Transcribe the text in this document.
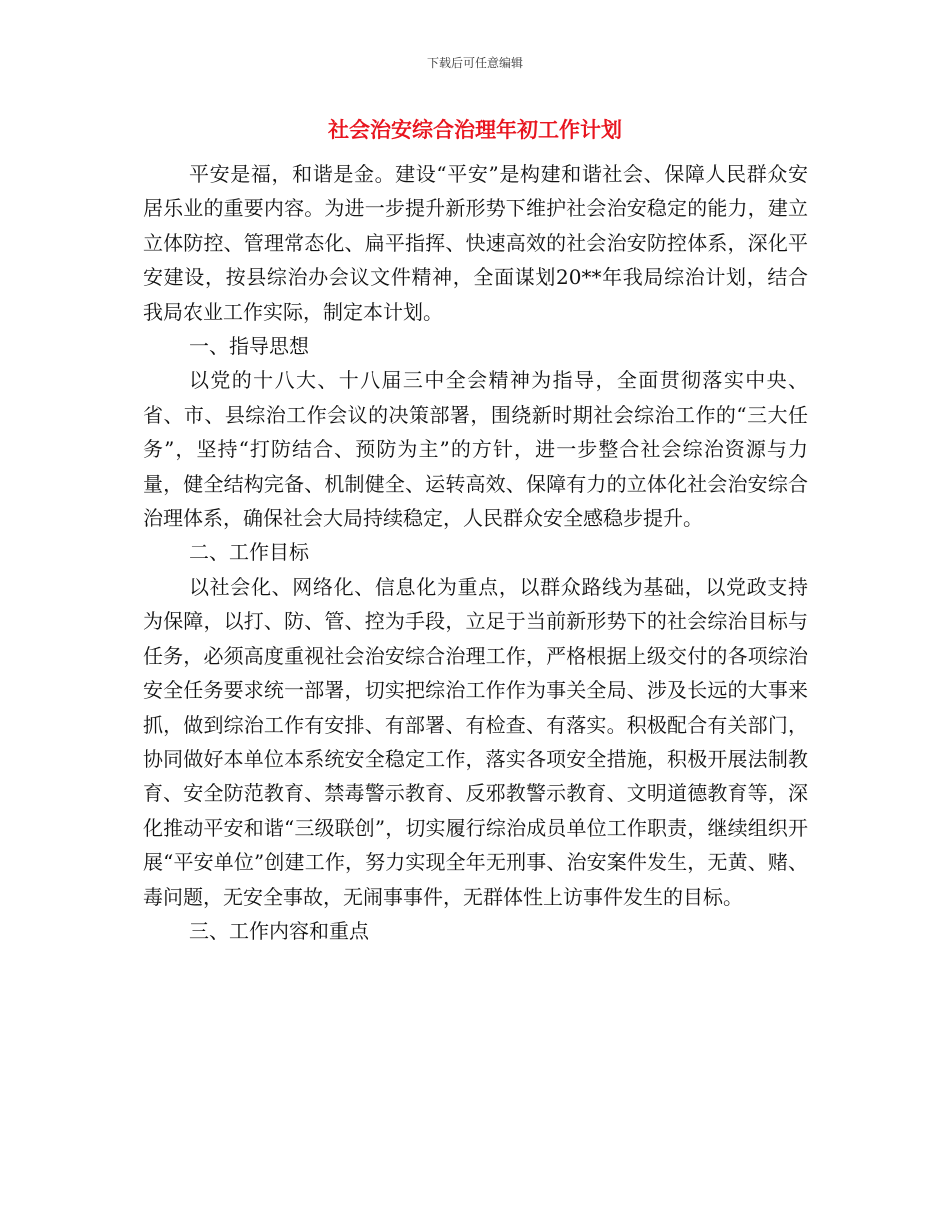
下载后可任意编辑
社会治安综合治理年初工作计划

平安是福，和谐是金。建设“平安”是构建和谐社会、保障人民群众安居乐业的重要内容。为进一步提升新形势下维护社会治安稳定的能力，建立立体防控、管理常态化、扁平指挥、快速高效的社会治安防控体系，深化平安建设，按县综治办会议文件精神，全面谋划20**年我局综治计划，结合我局农业工作实际，制定本计划。

一、指导思想

以党的十八大、十八届三中全会精神为指导，全面贯彻落实中央、省、市、县综治工作会议的决策部署，围绕新时期社会综治工作的“三大任务”，坚持“打防结合、预防为主”的方针，进一步整合社会综治资源与力量，健全结构完备、机制健全、运转高效、保障有力的立体化社会治安综合治理体系，确保社会大局持续稳定，人民群众安全感稳步提升。

二、工作目标

以社会化、网络化、信息化为重点，以群众路线为基础，以党政支持为保障，以打、防、管、控为手段，立足于当前新形势下的社会综治目标与任务，必须高度重视社会治安综合治理工作，严格根据上级交付的各项综治安全任务要求统一部署，切实把综治工作作为事关全局、涉及长远的大事来抓，做到综治工作有安排、有部署、有检查、有落实。积极配合有关部门，协同做好本单位本系统安全稳定工作，落实各项安全措施，积极开展法制教育、安全防范教育、禁毒警示教育、反邪教警示教育、文明道德教育等，深化推动平安和谐“三级联创”，切实履行综治成员单位工作职责，继续组织开展“平安单位”创建工作，努力实现全年无刑事、治安案件发生，无黄、赌、毒问题，无安全事故，无闹事事件，无群体性上访事件发生的目标。

三、工作内容和重点
